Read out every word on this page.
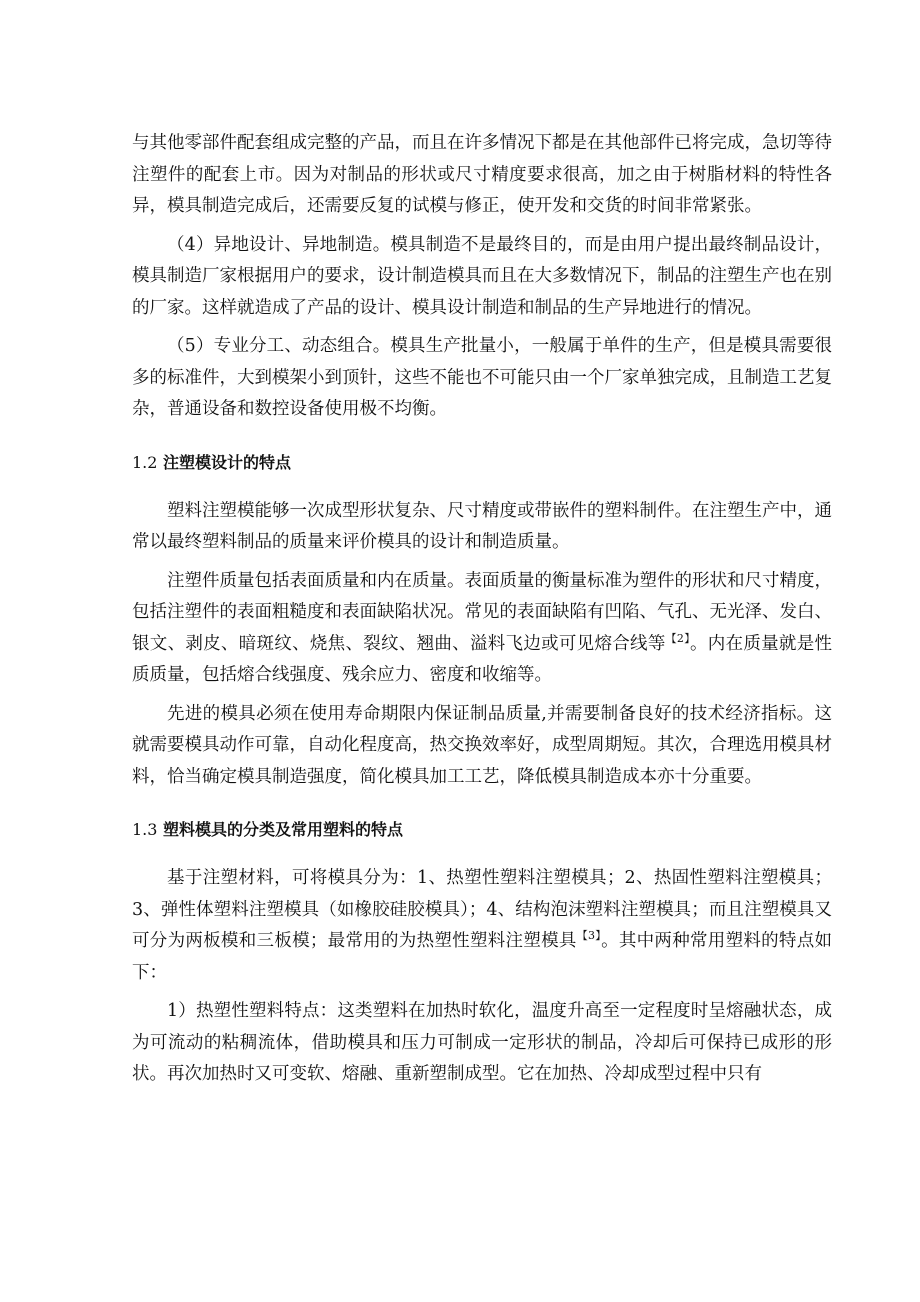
与其他零部件配套组成完整的产品，而且在许多情况下都是在其他部件已将完成，急切等待注塑件的配套上市。因为对制品的形状或尺寸精度要求很高，加之由于树脂材料的特性各异，模具制造完成后，还需要反复的试模与修正，使开发和交货的时间非常紧张。

（4）异地设计、异地制造。模具制造不是最终目的，而是由用户提出最终制品设计，模具制造厂家根据用户的要求，设计制造模具而且在大多数情况下，制品的注塑生产也在别的厂家。这样就造成了产品的设计、模具设计制造和制品的生产异地进行的情况。

（5）专业分工、动态组合。模具生产批量小，一般属于单件的生产，但是模具需要很多的标准件，大到模架小到顶针，这些不能也不可能只由一个厂家单独完成，且制造工艺复杂，普通设备和数控设备使用极不均衡。

1.2 注塑模设计的特点

塑料注塑模能够一次成型形状复杂、尺寸精度或带嵌件的塑料制件。在注塑生产中，通常以最终塑料制品的质量来评价模具的设计和制造质量。

注塑件质量包括表面质量和内在质量。表面质量的衡量标准为塑件的形状和尺寸精度，包括注塑件的表面粗糙度和表面缺陷状况。常见的表面缺陷有凹陷、气孔、无光泽、发白、银文、剥皮、暗斑纹、烧焦、裂纹、翘曲、溢料飞边或可见熔合线等$^{【2】}$。内在质量就是性质质量，包括熔合线强度、残余应力、密度和收缩等。

先进的模具必须在使用寿命期限内保证制品质量,并需要制备良好的技术经济指标。这就需要模具动作可靠，自动化程度高，热交换效率好，成型周期短。其次，合理选用模具材料，恰当确定模具制造强度，简化模具加工工艺，降低模具制造成本亦十分重要。

1.3 塑料模具的分类及常用塑料的特点

基于注塑材料，可将模具分为：1、热塑性塑料注塑模具；2、热固性塑料注塑模具；3、弹性体塑料注塑模具（如橡胶硅胶模具）；4、结构泡沫塑料注塑模具；而且注塑模具又可分为两板模和三板模；最常用的为热塑性塑料注塑模具$^{【3】}$。其中两种常用塑料的特点如下：

1）热塑性塑料特点：这类塑料在加热时软化，温度升高至一定程度时呈熔融状态，成为可流动的粘稠流体，借助模具和压力可制成一定形状的制品，冷却后可保持已成形的形状。再次加热时又可变软、熔融、重新塑制成型。它在加热、冷却成型过程中只有
